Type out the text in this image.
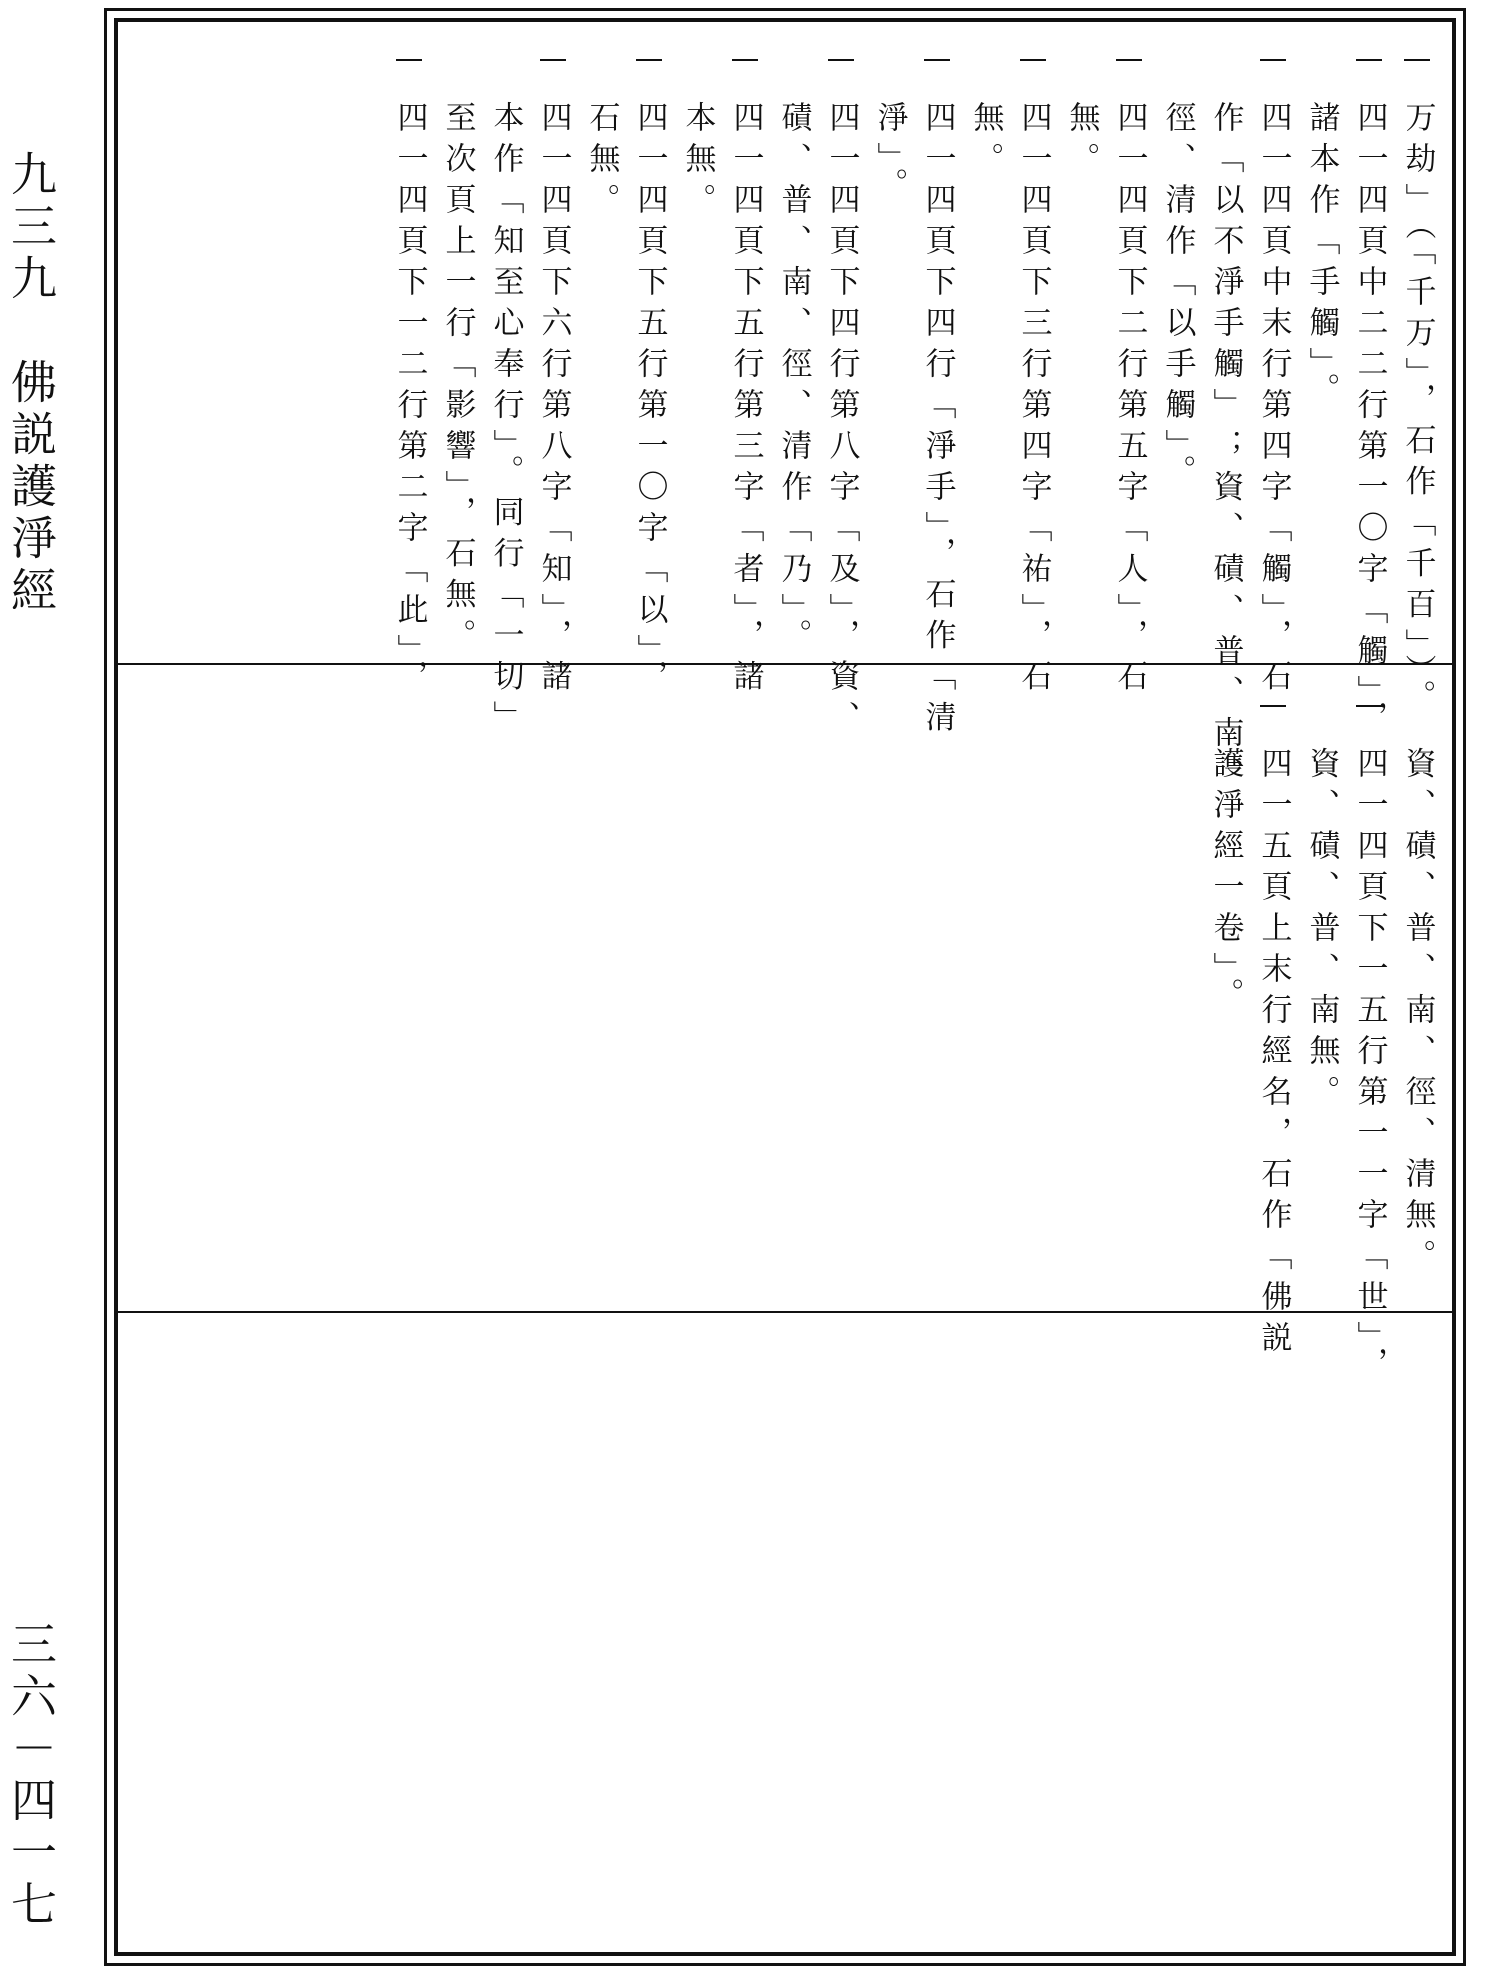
九三九　佛説護淨經
三六－四一七
万劫」（「千万」，石作「千百」）。
四一四頁中二二行第一〇字「觸」，
諸本作「手觸」。
四一四頁中末行第四字「觸」，石
作「以不淨手觸」；資、磧、普、南、
徑、清作「以手觸」。
四一四頁下二行第五字「人」，石
無。
四一四頁下三行第四字「祐」，石
無。
四一四頁下四行「淨手」，石作「清
淨」。
四一四頁下四行第八字「及」，資、
磧、普、南、徑、清作「乃」。
四一四頁下五行第三字「者」，諸
本無。
四一四頁下五行第一〇字「以」，
石無。
四一四頁下六行第八字「知」，諸
本作「知至心奉行」。同行「一切」
至次頁上一行「影響」，石無。
四一四頁下一二行第二字「此」，
資、磧、普、南、徑、清無。
四一四頁下一五行第一一字「世」，
資、磧、普、南無。
四一五頁上末行經名，石作「佛説
護淨經一卷」。
